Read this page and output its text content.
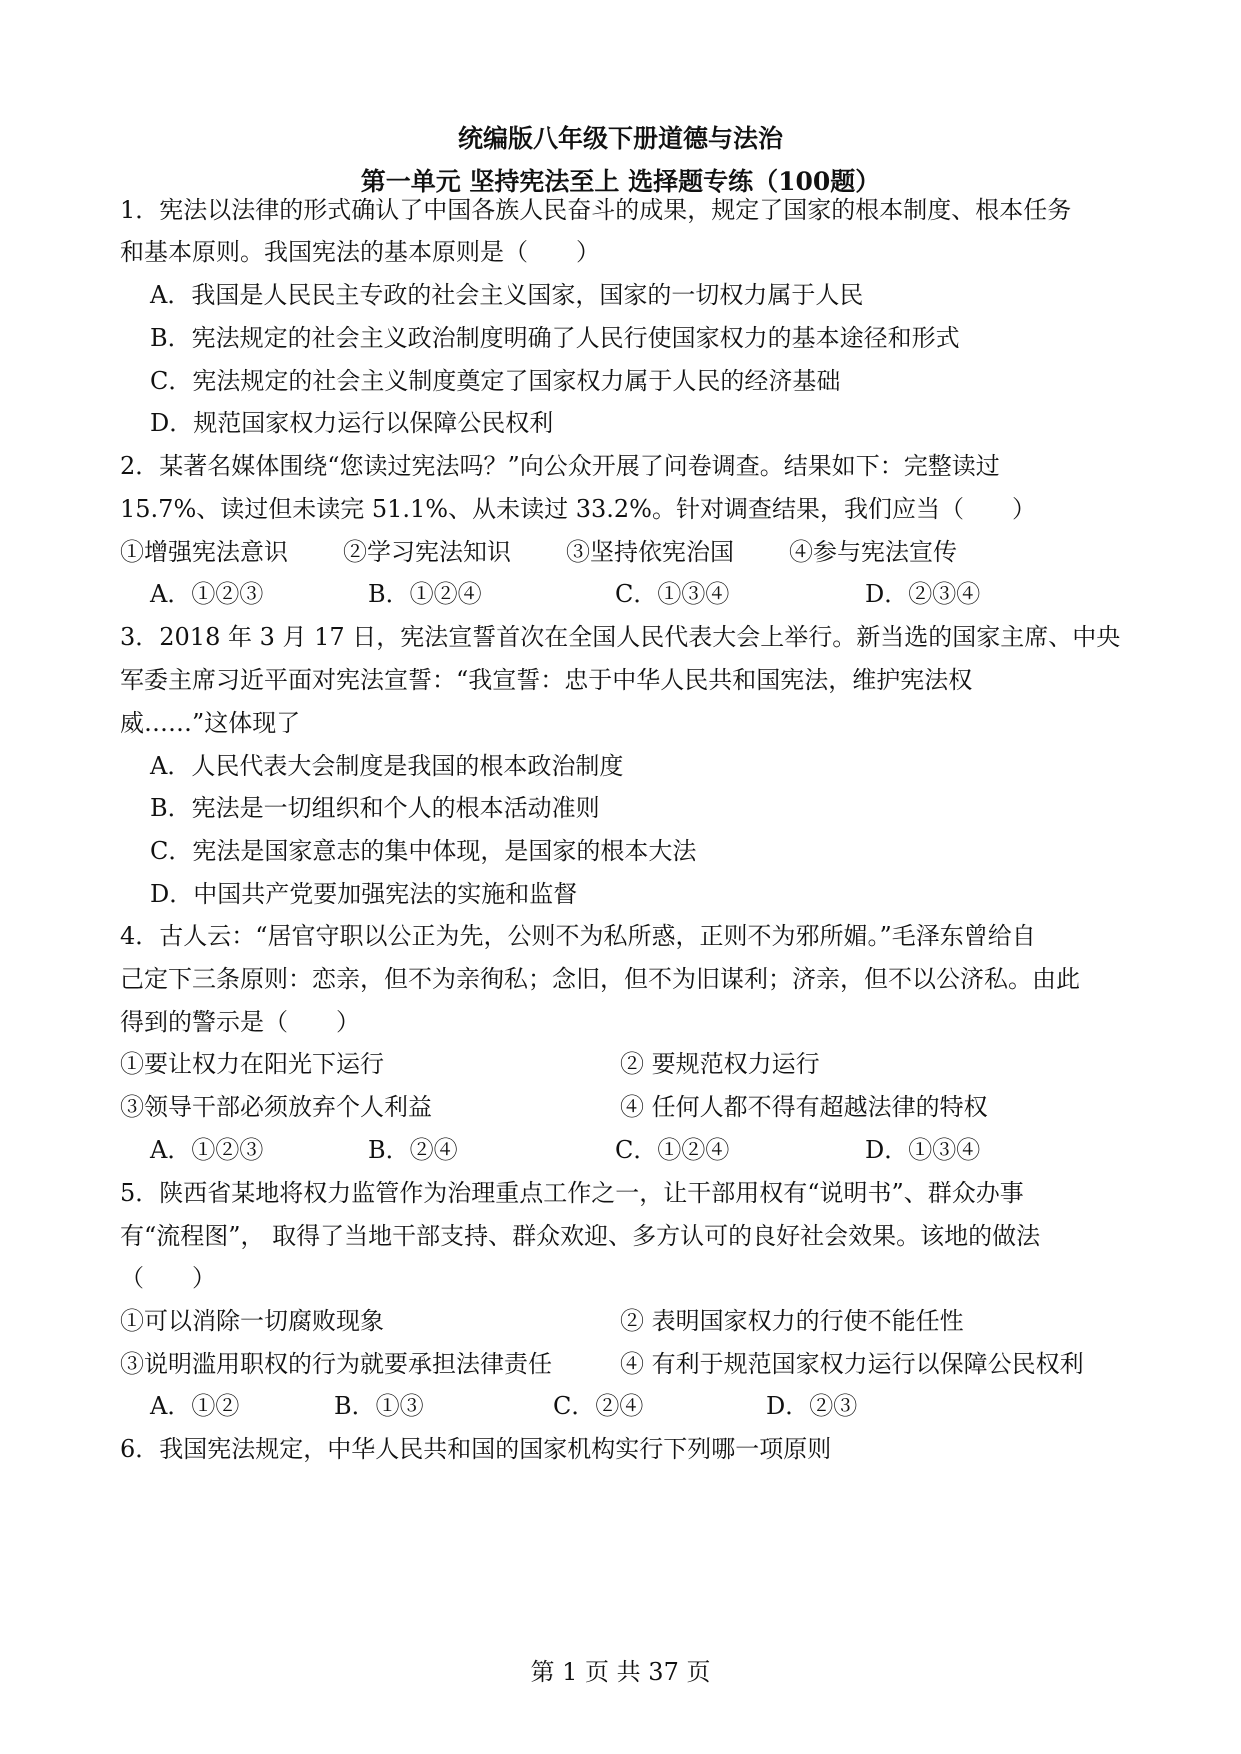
统编版八年级下册道德与法治
第一单元 坚持宪法至上 选择题专练（100题）
1．宪法以法律的形式确认了中国各族人民奋斗的成果，规定了国家的根本制度、根本任务
和基本原则。我国宪法的基本原则是（　　）
A．我国是人民民主专政的社会主义国家，国家的一切权力属于人民
B．宪法规定的社会主义政治制度明确了人民行使国家权力的基本途径和形式
C．宪法规定的社会主义制度奠定了国家权力属于人民的经济基础
D．规范国家权力运行以保障公民权利
2．某著名媒体围绕“您读过宪法吗？”向公众开展了问卷调查。结果如下：完整读过
15.7%、读过但未读完 51.1%、从未读过 33.2%。针对调查结果，我们应当（　　）
①增强宪法意识 ②学习宪法知识 ③坚持依宪治国 ④参与宪法宣传
A．①②③	B．①②④	C．①③④	D．②③④
3．2018 年 3 月 17 日，宪法宣誓首次在全国人民代表大会上举行。新当选的国家主席、中央
军委主席习近平面对宪法宣誓：“我宣誓：忠于中华人民共和国宪法，维护宪法权
威……”这体现了
A．人民代表大会制度是我国的根本政治制度
B．宪法是一切组织和个人的根本活动准则
C．宪法是国家意志的集中体现，是国家的根本大法
D．中国共产党要加强宪法的实施和监督
4．古人云：“居官守职以公正为先，公则不为私所惑，正则不为邪所媚。”毛泽东曾给自
己定下三条原则：恋亲，但不为亲徇私；念旧，但不为旧谋利；济亲，但不以公济私。由此
得到的警示是（　　）
①要让权力在阳光下运行	② 要规范权力运行
③领导干部必须放弃个人利益	④ 任何人都不得有超越法律的特权
A．①②③	B．②④	C．①②④	D．①③④
5．陕西省某地将权力监管作为治理重点工作之一，让干部用权有“说明书”、群众办事
有“流程图”， 取得了当地干部支持、群众欢迎、多方认可的良好社会效果。该地的做法
（　　）
①可以消除一切腐败现象	② 表明国家权力的行使不能任性
③说明滥用职权的行为就要承担法律责任	④ 有利于规范国家权力运行以保障公民权利
A．①②	B．①③	C．②④	D．②③
6．我国宪法规定，中华人民共和国的国家机构实行下列哪一项原则
第 1 页 共 37 页
